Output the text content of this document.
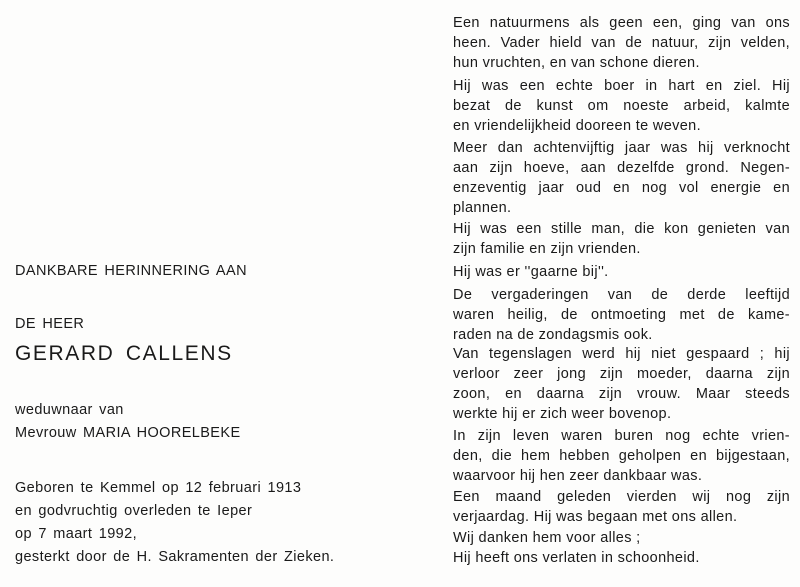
DANKBARE HERINNERING AAN
DE HEER
GERARD CALLENS
weduwnaar van
Mevrouw MARIA HOORELBEKE
Geboren te Kemmel op 12 februari 1913
en godvruchtig overleden te Ieper
op 7 maart 1992,
gesterkt door de H. Sakramenten der Zieken.
Een natuurmens als geen een, ging van ons
heen. Vader hield van de natuur, zijn velden,
hun vruchten, en van schone dieren.
Hij was een echte boer in hart en ziel. Hij
bezat de kunst om noeste arbeid, kalmte
en vriendelijkheid dooreen te weven.
Meer dan achtenvijftig jaar was hij verknocht
aan zijn hoeve, aan dezelfde grond. Negen-
enzeventig jaar oud en nog vol energie en
plannen.
Hij was een stille man, die kon genieten van
zijn familie en zijn vrienden.
Hij was er ''gaarne bij''.
De vergaderingen van de derde leeftijd
waren heilig, de ontmoeting met de kame-
raden na de zondagsmis ook.
Van tegenslagen werd hij niet gespaard ; hij
verloor zeer jong zijn moeder, daarna zijn
zoon, en daarna zijn vrouw. Maar steeds
werkte hij er zich weer bovenop.
In zijn leven waren buren nog echte vrien-
den, die hem hebben geholpen en bijgestaan,
waarvoor hij hen zeer dankbaar was.
Een maand geleden vierden wij nog zijn
verjaardag. Hij was begaan met ons allen.
Wij danken hem voor alles ;
Hij heeft ons verlaten in schoonheid.
